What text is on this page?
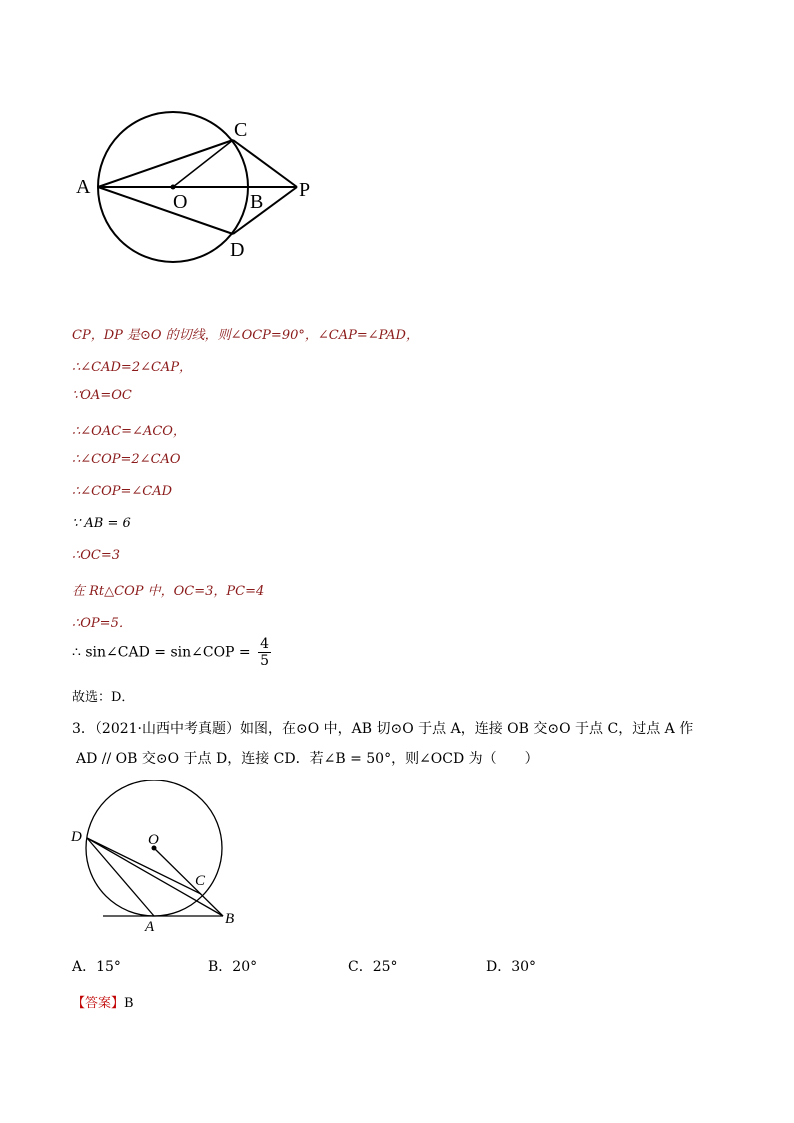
A
O	B
C
D
P
CP，DP 是⊙O 的切线，则∠OCP=90°，∠CAP=∠PAD，
∴∠CAD=2∠CAP，
∵OA=OC
∴∠OAC=∠ACO，
∴∠COP=2∠CAO
∴∠COP=∠CAD
∵ AB = 6
∴OC=3
在 Rt△COP 中，OC=3，PC=4
∴OP=5．
∴ sin∠CAD = sin∠COP = $\frac{4}{5}$
故选：D．
3．（2021·山西中考真题）如图，在⊙O 中，AB 切⊙O 于点 A，连接 OB 交⊙O 于点 C，过点 A 作
AD // OB 交⊙O 于点 D，连接 CD．若∠B = 50°，则∠OCD 为（　　）
D	O
C
A	B
A．15°	B．20°	C．25°	D．30°
【答案】B
